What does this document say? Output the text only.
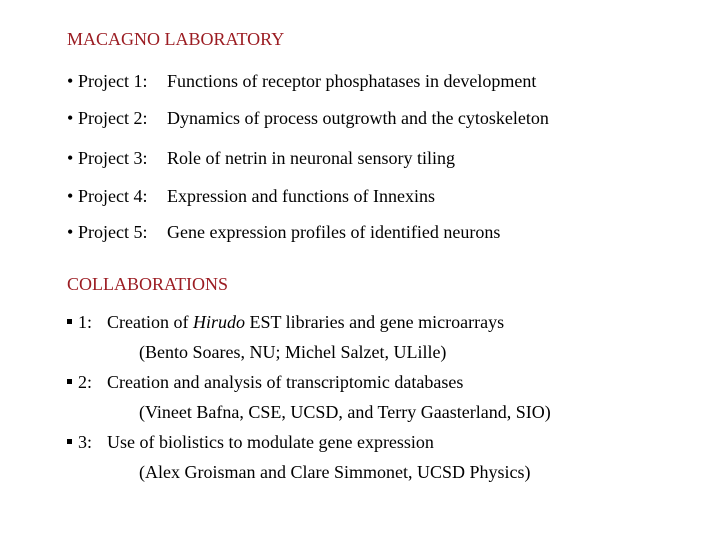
MACAGNO LABORATORY
• Project 1: Functions of receptor phosphatases in development
• Project 2: Dynamics of process outgrowth and the cytoskeleton
• Project 3: Role of netrin in neuronal sensory tiling
• Project 4: Expression and functions of Innexins
• Project 5: Gene expression profiles of identified neurons
COLLABORATIONS
1: Creation of Hirudo EST libraries and gene microarrays
(Bento Soares, NU; Michel Salzet, ULille)
2: Creation and analysis of transcriptomic databases
(Vineet Bafna, CSE, UCSD, and Terry Gaasterland, SIO)
3: Use of biolistics to modulate gene expression
(Alex Groisman and Clare Simmonet, UCSD Physics)
